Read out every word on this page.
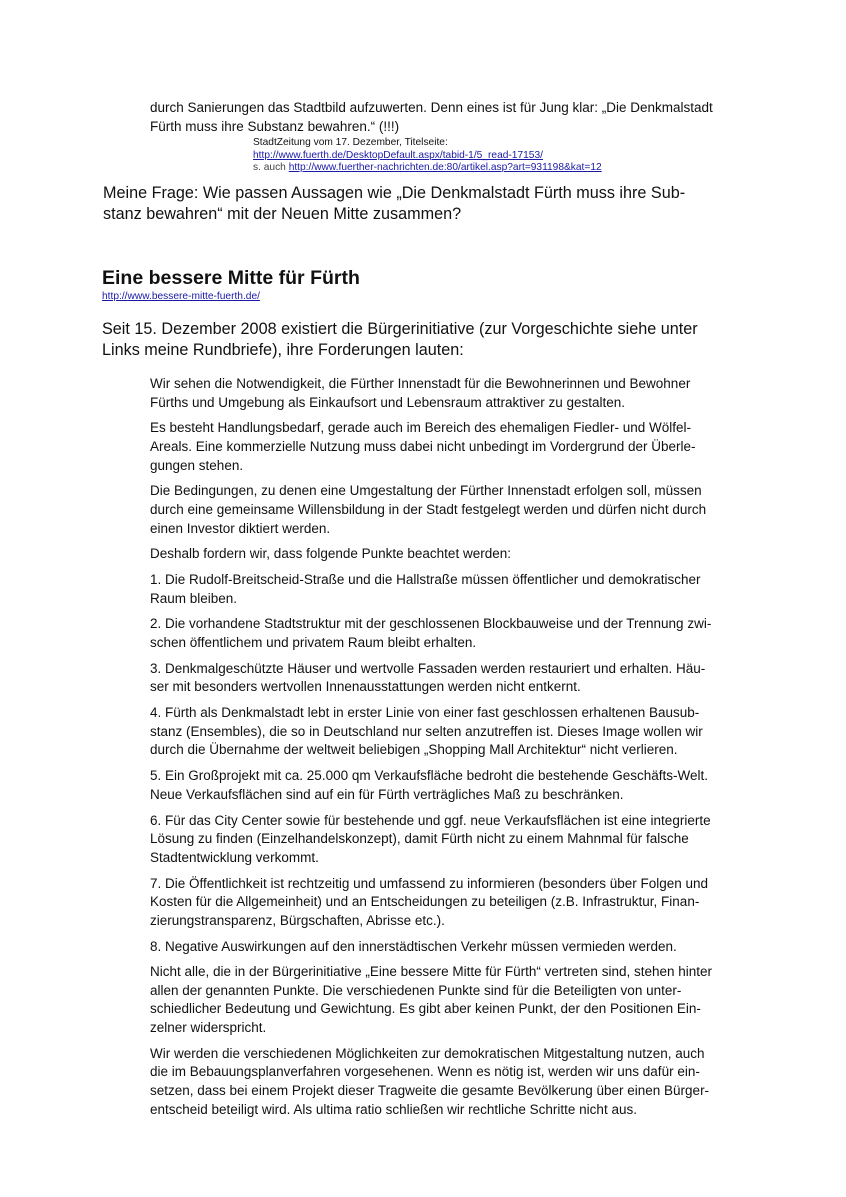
durch Sanierungen das Stadtbild aufzuwerten. Denn eines ist für Jung klar: „Die Denkmalstadt

Fürth muss ihre Substanz bewahren.“ (!!!)

StadtZeitung vom 17. Dezember, Titelseite:
http://www.fuerth.de/DesktopDefault.aspx/tabid-1/5_read-17153/
s. auch http://www.fuerther-nachrichten.de:80/artikel.asp?art=931198&kat=12

Meine Frage: Wie passen Aussagen wie „Die Denkmalstadt Fürth muss ihre Sub-

stanz bewahren“ mit der Neuen Mitte zusammen?

Eine bessere Mitte für Fürth
http://www.bessere-mitte-fuerth.de/

Seit 15. Dezember 2008 existiert die Bürgerinitiative (zur Vorgeschichte siehe unter

Links meine Rundbriefe), ihre Forderungen lauten:

Wir sehen die Notwendigkeit, die Fürther Innenstadt für die Bewohnerinnen und Bewohner
Fürths und Umgebung als Einkaufsort und Lebensraum attraktiver zu gestalten.

Es besteht Handlungsbedarf, gerade auch im Bereich des ehemaligen Fiedler- und Wölfel-
Areals. Eine kommerzielle Nutzung muss dabei nicht unbedingt im Vordergrund der Überle-
gungen stehen.

Die Bedingungen, zu denen eine Umgestaltung der Fürther Innenstadt erfolgen soll, müssen
durch eine gemeinsame Willensbildung in der Stadt festgelegt werden und dürfen nicht durch
einen Investor diktiert werden.

Deshalb fordern wir, dass folgende Punkte beachtet werden:

1. Die Rudolf-Breitscheid-Straße und die Hallstraße müssen öffentlicher und demokratischer
Raum bleiben.

2. Die vorhandene Stadtstruktur mit der geschlossenen Blockbauweise und der Trennung zwi-
schen öffentlichem und privatem Raum bleibt erhalten.

3. Denkmalgeschützte Häuser und wertvolle Fassaden werden restauriert und erhalten. Häu-
ser mit besonders wertvollen Innenausstattungen werden nicht entkernt.

4. Fürth als Denkmalstadt lebt in erster Linie von einer fast geschlossen erhaltenen Bausub-
stanz (Ensembles), die so in Deutschland nur selten anzutreffen ist. Dieses Image wollen wir
durch die Übernahme der weltweit beliebigen „Shopping Mall Architektur“ nicht verlieren.

5. Ein Großprojekt mit ca. 25.000 qm Verkaufsfläche bedroht die bestehende Geschäfts-Welt.
Neue Verkaufsflächen sind auf ein für Fürth verträgliches Maß zu beschränken.

6. Für das City Center sowie für bestehende und ggf. neue Verkaufsflächen ist eine integrierte
Lösung zu finden (Einzelhandelskonzept), damit Fürth nicht zu einem Mahnmal für falsche
Stadtentwicklung verkommt.

7. Die Öffentlichkeit ist rechtzeitig und umfassend zu informieren (besonders über Folgen und
Kosten für die Allgemeinheit) und an Entscheidungen zu beteiligen (z.B. Infrastruktur, Finan-
zierungstransparenz, Bürgschaften, Abrisse etc.).

8. Negative Auswirkungen auf den innerstädtischen Verkehr müssen vermieden werden.

Nicht alle, die in der Bürgerinitiative „Eine bessere Mitte für Fürth“ vertreten sind, stehen hinter
allen der genannten Punkte. Die verschiedenen Punkte sind für die Beteiligten von unter-
schiedlicher Bedeutung und Gewichtung. Es gibt aber keinen Punkt, der den Positionen Ein-
zelner widerspricht.

Wir werden die verschiedenen Möglichkeiten zur demokratischen Mitgestaltung nutzen, auch
die im Bebauungsplanverfahren vorgesehenen. Wenn es nötig ist, werden wir uns dafür ein-
setzen, dass bei einem Projekt dieser Tragweite die gesamte Bevölkerung über einen Bürger-
entscheid beteiligt wird. Als ultima ratio schließen wir rechtliche Schritte nicht aus.
